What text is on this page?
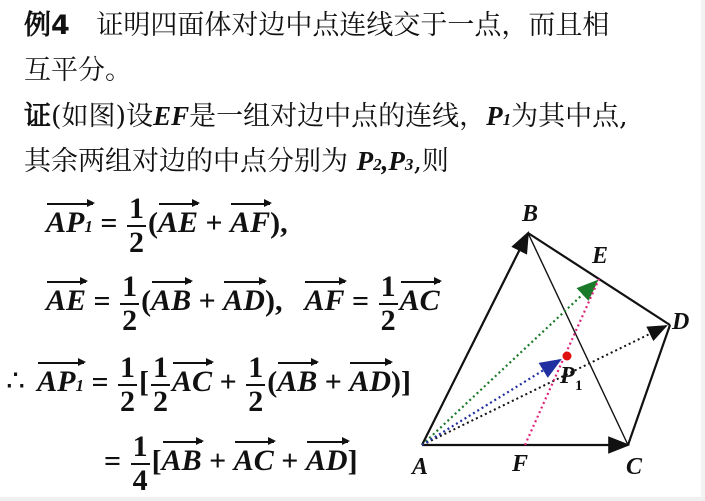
例4 证明四面体对边中点连线交于一点，而且相
互平分。
证(如图)设EF是一组对边中点的连线，P1为其中点,
其余两组对边的中点分别为 P2,P3,则
$AP1 = \frac{1}{2} (AE + AF)$,
AE = $\frac{1}{2} (AB + AD)$, AF = $\frac{1}{2}$ AC
∴ $AP1 = \frac{1}{2}$ [ $\frac{1}{2}$ AC + $\frac{1}{2} (AB + AD)$]
= $\frac{1}{4} [AB$ + AC + AD]
B
E
D
P 1
A	F	C
